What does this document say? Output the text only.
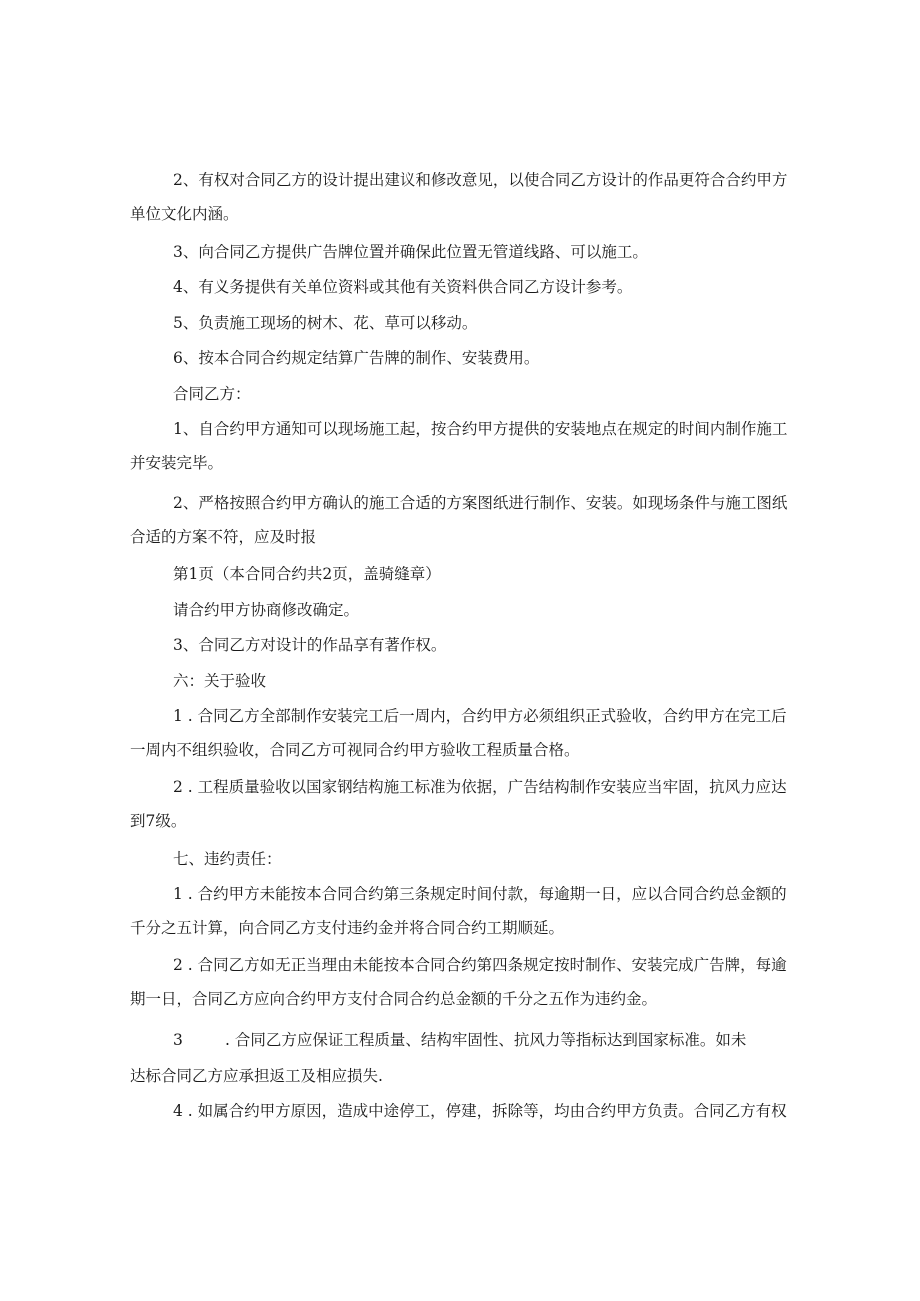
2、有权对合同乙方的设计提出建议和修改意见，以使合同乙方设计的作品更符合合约甲方单位文化内涵。

3、向合同乙方提供广告牌位置并确保此位置无管道线路、可以施工。

4、有义务提供有关单位资料或其他有关资料供合同乙方设计参考。

5、负责施工现场的树木、花、草可以移动。

6、按本合同合约规定结算广告牌的制作、安装费用。

合同乙方：

1、自合约甲方通知可以现场施工起，按合约甲方提供的安装地点在规定的时间内制作施工并安装完毕。

2、严格按照合约甲方确认的施工合适的方案图纸进行制作、安装。如现场条件与施工图纸合适的方案不符，应及时报

第1页（本合同合约共2页，盖骑缝章）

请合约甲方协商修改确定。

3、合同乙方对设计的作品享有著作权。

六：关于验收

1 . 合同乙方全部制作安装完工后一周内，合约甲方必须组织正式验收，合约甲方在完工后一周内不组织验收，合同乙方可视同合约甲方验收工程质量合格。

2 . 工程质量验收以国家钢结构施工标准为依据，广告结构制作安装应当牢固，抗风力应达到7级。

七、违约责任：

1 . 合约甲方未能按本合同合约第三条规定时间付款，每逾期一日，应以合同合约总金额的千分之五计算，向合同乙方支付违约金并将合同合约工期顺延。

2 . 合同乙方如无正当理由未能按本合同合约第四条规定按时制作、安装完成广告牌，每逾期一日，合同乙方应向合约甲方支付合同合约总金额的千分之五作为违约金。

3	. 合同乙方应保证工程质量、结构牢固性、抗风力等指标达到国家标准。如未
达标合同乙方应承担返工及相应损失.

4 . 如属合约甲方原因，造成中途停工，停建，拆除等，均由合约甲方负责。合同乙方有权
